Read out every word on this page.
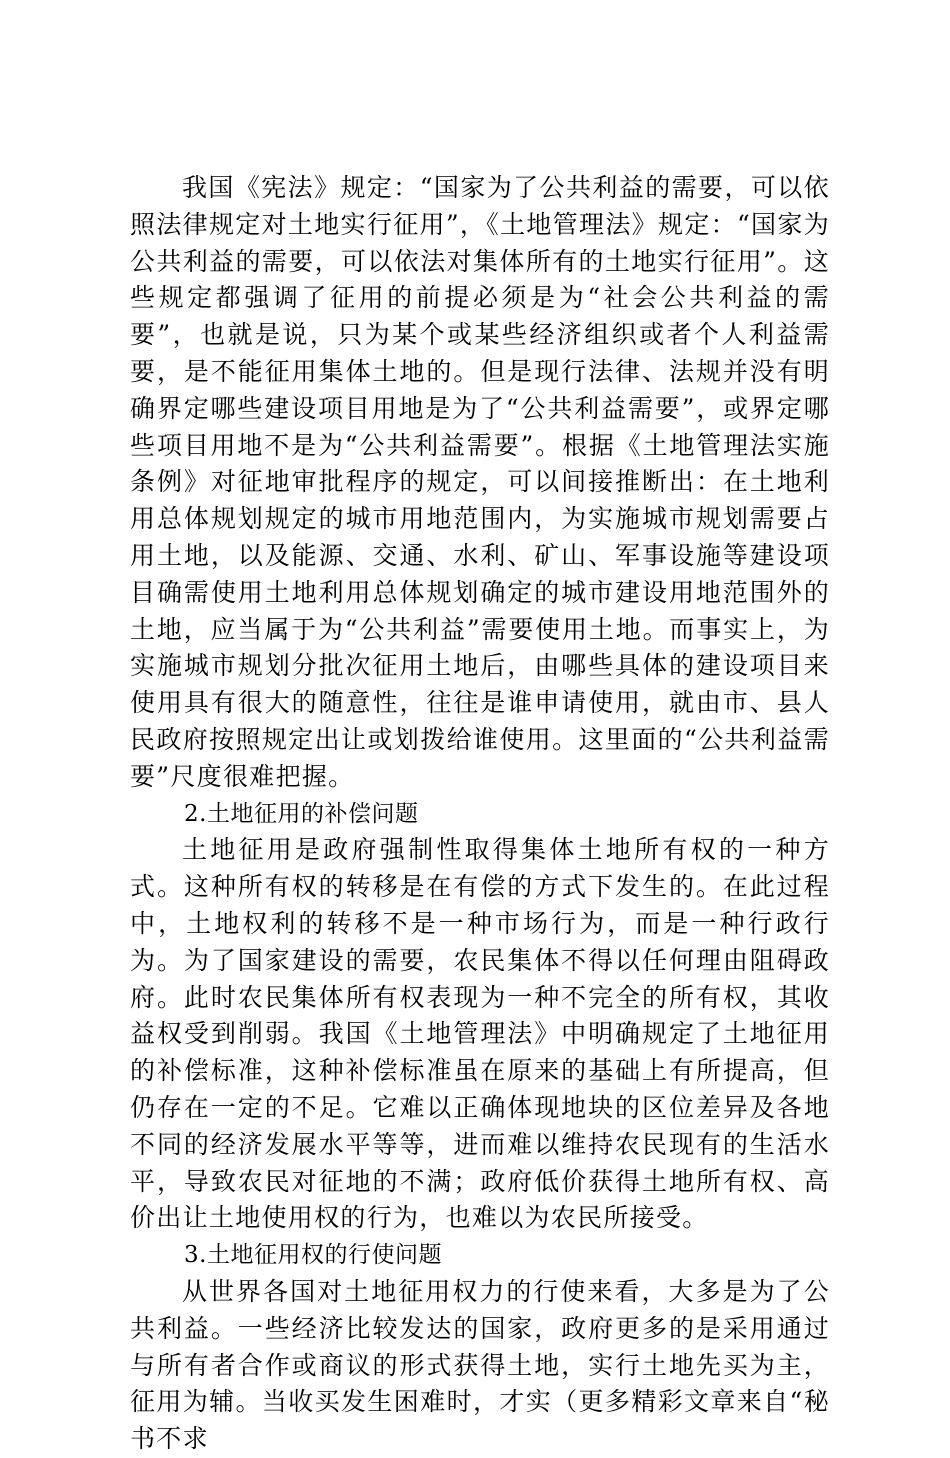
我国《宪法》规定：“国家为了公共利益的需要，可以依照法律规定对土地实行征用”，《土地管理法》规定：“国家为公共利益的需要，可以依法对集体所有的土地实行征用”。这些规定都强调了征用的前提必须是为“社会公共利益的需要”，也就是说，只为某个或某些经济组织或者个人利益需要，是不能征用集体土地的。但是现行法律、法规并没有明确界定哪些建设项目用地是为了“公共利益需要”，或界定哪些项目用地不是为“公共利益需要”。根据《土地管理法实施条例》对征地审批程序的规定，可以间接推断出：在土地利用总体规划规定的城市用地范围内，为实施城市规划需要占用土地，以及能源、交通、水利、矿山、军事设施等建设项目确需使用土地利用总体规划确定的城市建设用地范围外的土地，应当属于为“公共利益”需要使用土地。而事实上，为实施城市规划分批次征用土地后，由哪些具体的建设项目来使用具有很大的随意性，往往是谁申请使用，就由市、县人民政府按照规定出让或划拨给谁使用。这里面的“公共利益需要”尺度很难把握。

2.土地征用的补偿问题

土地征用是政府强制性取得集体土地所有权的一种方式。这种所有权的转移是在有偿的方式下发生的。在此过程中，土地权利的转移不是一种市场行为，而是一种行政行为。为了国家建设的需要，农民集体不得以任何理由阻碍政府。此时农民集体所有权表现为一种不完全的所有权，其收益权受到削弱。我国《土地管理法》中明确规定了土地征用的补偿标准，这种补偿标准虽在原来的基础上有所提高，但仍存在一定的不足。它难以正确体现地块的区位差异及各地不同的经济发展水平等等，进而难以维持农民现有的生活水平，导致农民对征地的不满；政府低价获得土地所有权、高价出让土地使用权的行为，也难以为农民所接受。

3.土地征用权的行使问题

从世界各国对土地征用权力的行使来看，大多是为了公共利益。一些经济比较发达的国家，政府更多的是采用通过与所有者合作或商议的形式获得土地，实行土地先买为主，征用为辅。当收买发生困难时，才实（更多精彩文章来自“秘书不求
